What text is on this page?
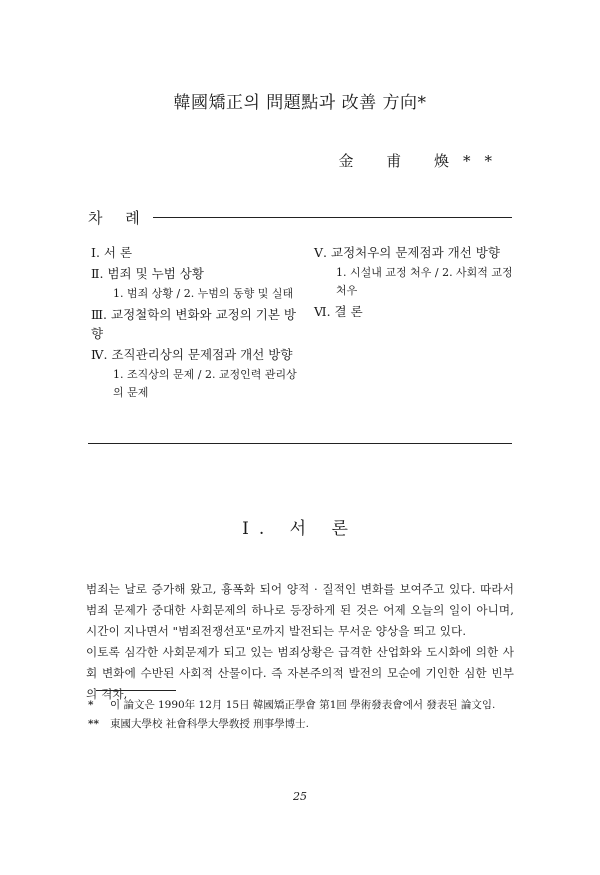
韓國矯正의 問題點과 改善 方向*
金 甫 煥**
차 례
Ⅰ. 서 론
Ⅱ. 범죄 및 누범 상황
1. 범죄 상황 / 2. 누범의 동향 및 실태
Ⅲ. 교정철학의 변화와 교정의 기본 방향
Ⅳ. 조직관리상의 문제점과 개선 방향
1. 조직상의 문제 / 2. 교정인력 관리상의 문제
Ⅴ. 교정처우의 문제점과 개선 방향
1. 시설내 교정 처우 / 2. 사회적 교정 처우
Ⅵ. 결 론
Ⅰ. 서 론

범죄는 날로 증가해 왔고, 흉폭화 되어 양적 · 질적인 변화를 보여주고 있다. 따라서 범죄 문제가 중대한 사회문제의 하나로 등장하게 된 것은 어제 오늘의 일이 아니며, 시간이 지나면서 "범죄전쟁선포"로까지 발전되는 무서운 양상을 띄고 있다.

이토록 심각한 사회문제가 되고 있는 범죄상황은 급격한 산업화와 도시화에 의한 사회 변화에 수반된 사회적 산물이다. 즉 자본주의적 발전의 모순에 기인한 심한 빈부의 격차,

* 이 論文은 1990年 12月 15日 韓國矯正學會 第1回 學術發表會에서 發表된 論文임.
** 東國大學校 社會科學大學敎授 刑事學博士.
25
